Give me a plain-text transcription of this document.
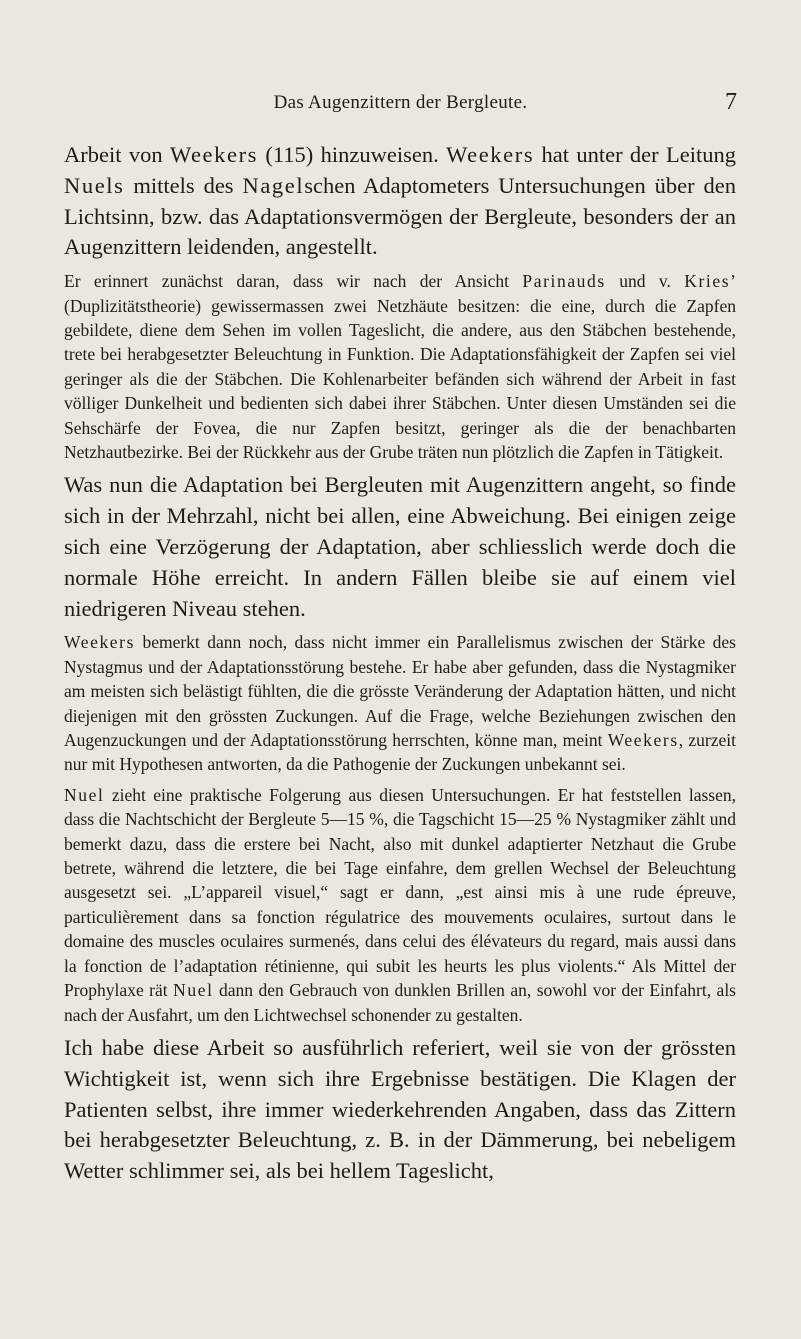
Das Augenzittern der Bergleute.	7

Arbeit von Weekers (115) hinzuweisen. Weekers hat unter der Leitung Nuels mittels des Nagelschen Adaptometers Untersuchungen über den Lichtsinn, bzw. das Adaptationsvermögen der Bergleute, besonders der an Augenzittern leidenden, angestellt.

Er erinnert zunächst daran, dass wir nach der Ansicht Parinauds und v. Kries’ (Duplizitätstheorie) gewissermassen zwei Netzhäute besitzen: die eine, durch die Zapfen gebildete, diene dem Sehen im vollen Tageslicht, die andere, aus den Stäbchen bestehende, trete bei herabgesetzter Beleuchtung in Funktion. Die Adaptationsfähigkeit der Zapfen sei viel geringer als die der Stäbchen. Die Kohlenarbeiter befänden sich während der Arbeit in fast völliger Dunkelheit und bedienten sich dabei ihrer Stäbchen. Unter diesen Umständen sei die Sehschärfe der Fovea, die nur Zapfen besitzt, geringer als die der benachbarten Netzhautbezirke. Bei der Rückkehr aus der Grube träten nun plötzlich die Zapfen in Tätigkeit.

Was nun die Adaptation bei Bergleuten mit Augenzittern angeht, so finde sich in der Mehrzahl, nicht bei allen, eine Abweichung. Bei einigen zeige sich eine Verzögerung der Adaptation, aber schliesslich werde doch die normale Höhe erreicht. In andern Fällen bleibe sie auf einem viel niedrigeren Niveau stehen.

Weekers bemerkt dann noch, dass nicht immer ein Parallelismus zwischen der Stärke des Nystagmus und der Adaptationsstörung bestehe. Er habe aber gefunden, dass die Nystagmiker am meisten sich belästigt fühlten, die die grösste Veränderung der Adaptation hätten, und nicht diejenigen mit den grössten Zuckungen. Auf die Frage, welche Beziehungen zwischen den Augenzuckungen und der Adaptationsstörung herrschten, könne man, meint Weekers, zurzeit nur mit Hypothesen antworten, da die Pathogenie der Zuckungen unbekannt sei.

Nuel zieht eine praktische Folgerung aus diesen Untersuchungen. Er hat feststellen lassen, dass die Nachtschicht der Bergleute 5—15 %, die Tagschicht 15—25 % Nystagmiker zählt und bemerkt dazu, dass die erstere bei Nacht, also mit dunkel adaptierter Netzhaut die Grube betrete, während die letztere, die bei Tage einfahre, dem grellen Wechsel der Beleuchtung ausgesetzt sei. „L’appareil visuel,“ sagt er dann, „est ainsi mis à une rude épreuve, particulièrement dans sa fonction régulatrice des mouvements oculaires, surtout dans le domaine des muscles oculaires surmenés, dans celui des élévateurs du regard, mais aussi dans la fonction de l’adaptation rétinienne, qui subit les heurts les plus violents.“ Als Mittel der Prophylaxe rät Nuel dann den Gebrauch von dunklen Brillen an, sowohl vor der Einfahrt, als nach der Ausfahrt, um den Lichtwechsel schonender zu gestalten.

Ich habe diese Arbeit so ausführlich referiert, weil sie von der grössten Wichtigkeit ist, wenn sich ihre Ergebnisse bestätigen. Die Klagen der Patienten selbst, ihre immer wiederkehrenden Angaben, dass das Zittern bei herabgesetzter Beleuchtung, z. B. in der Dämmerung, bei nebeligem Wetter schlimmer sei, als bei hellem Tageslicht,
